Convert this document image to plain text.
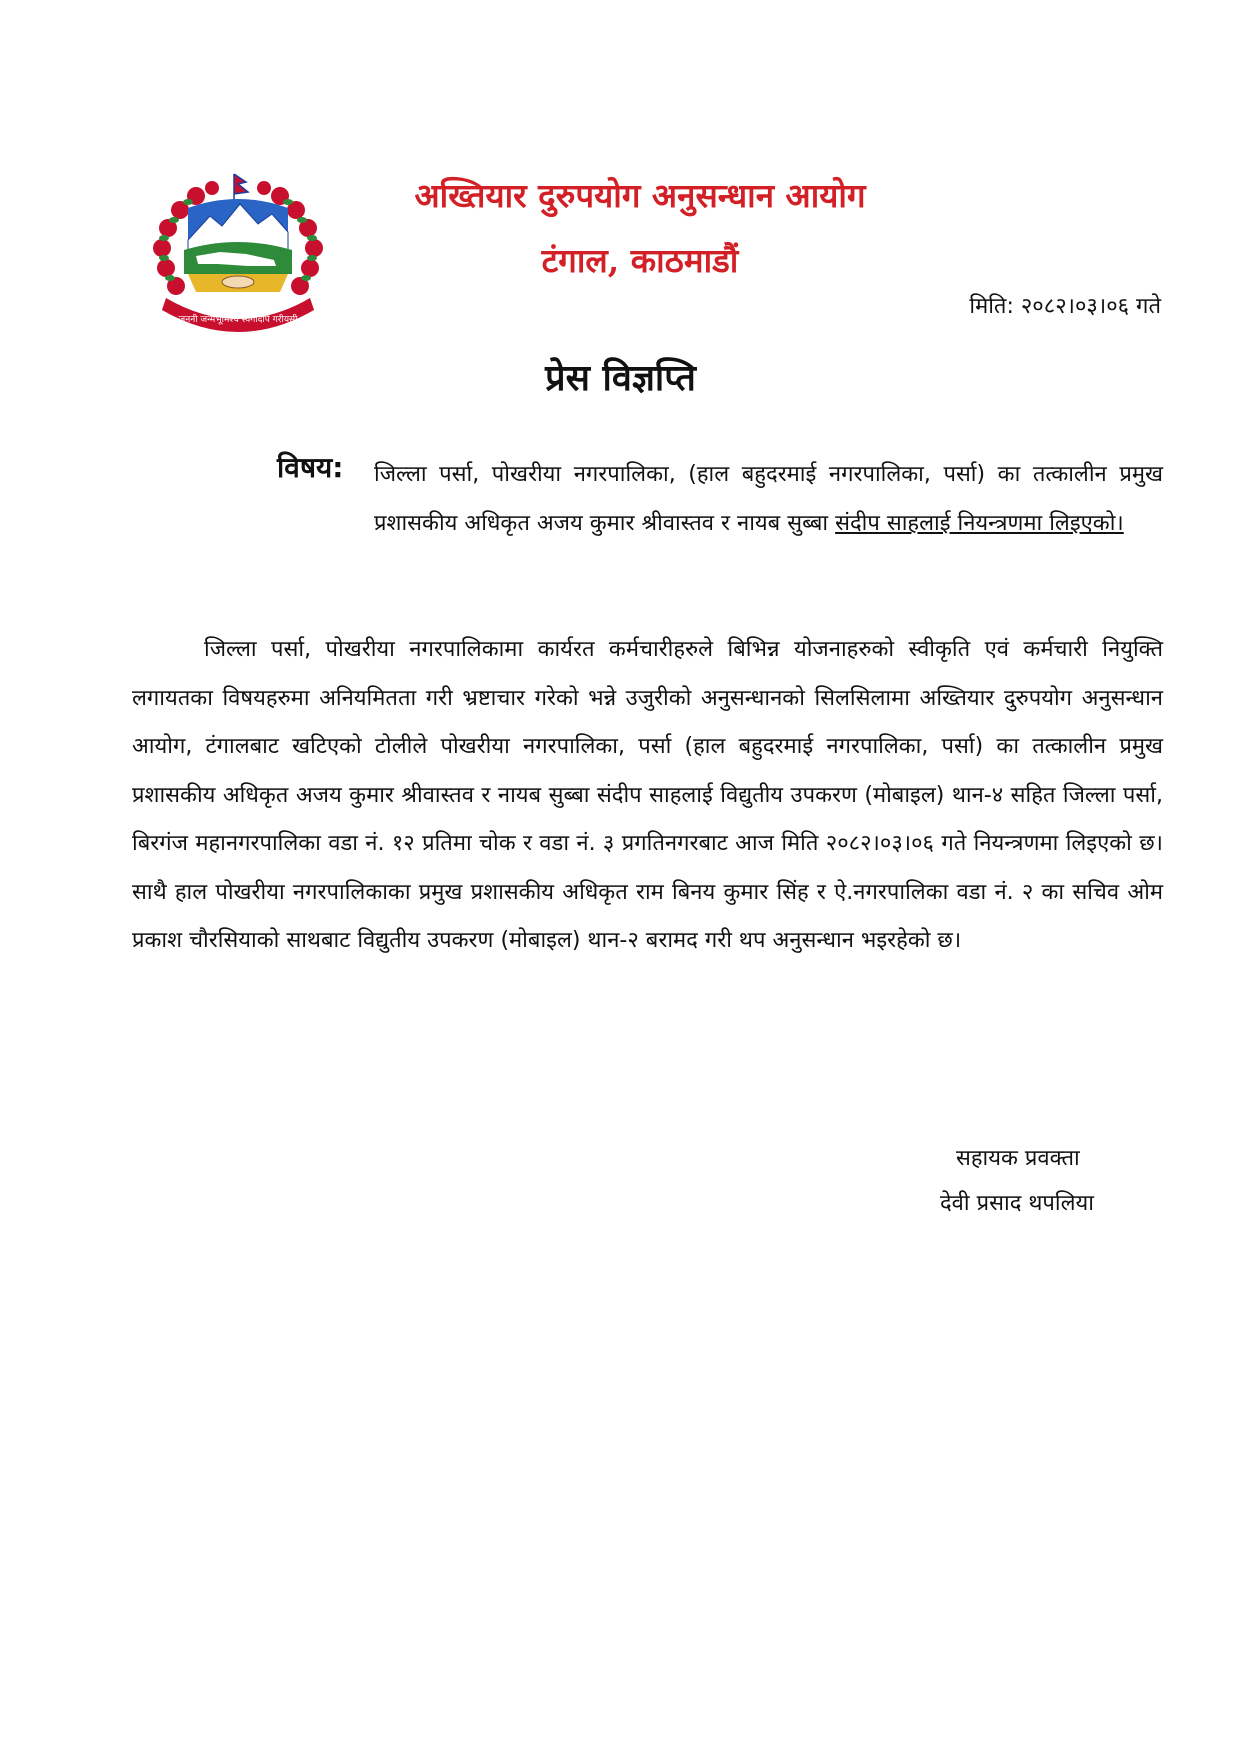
जननी जन्मभूमिश्च स्वर्गादपि गरीयसी
अख्तियार दुरुपयोग अनुसन्धान आयोग
टंगाल, काठमाडौं
मिति: २०८२।०३।०६ गते
प्रेस विज्ञप्ति
विषय: जिल्ला पर्सा, पोखरीया नगरपालिका, (हाल बहुदरमाई नगरपालिका, पर्सा) का तत्कालीन प्रमुख प्रशासकीय अधिकृत अजय कुमार श्रीवास्तव र नायब सुब्बा संदीप साहलाई नियन्त्रणमा लिइएको।
जिल्ला पर्सा, पोखरीया नगरपालिकामा कार्यरत कर्मचारीहरुले बिभिन्न योजनाहरुको स्वीकृति एवं कर्मचारी नियुक्ति लगायतका विषयहरुमा अनियमितता गरी भ्रष्टाचार गरेको भन्ने उजुरीको अनुसन्धानको सिलसिलामा अख्तियार दुरुपयोग अनुसन्धान आयोग, टंगालबाट खटिएको टोलीले पोखरीया नगरपालिका, पर्सा (हाल बहुदरमाई नगरपालिका, पर्सा) का तत्कालीन प्रमुख प्रशासकीय अधिकृत अजय कुमार श्रीवास्तव र नायब सुब्बा संदीप साहलाई विद्युतीय उपकरण (मोबाइल) थान-४ सहित जिल्ला पर्सा, बिरगंज महानगरपालिका वडा नं. १२ प्रतिमा चोक र वडा नं. ३ प्रगतिनगरबाट आज मिति २०८२।०३।०६ गते नियन्त्रणमा लिइएको छ। साथै हाल पोखरीया नगरपालिकाका प्रमुख प्रशासकीय अधिकृत राम बिनय कुमार सिंह र ऐ.नगरपालिका वडा नं. २ का सचिव ओम प्रकाश चौरसियाको साथबाट विद्युतीय उपकरण (मोबाइल) थान-२ बरामद गरी थप अनुसन्धान भइरहेको छ।
सहायक प्रवक्ता
देवी प्रसाद थपलिया
